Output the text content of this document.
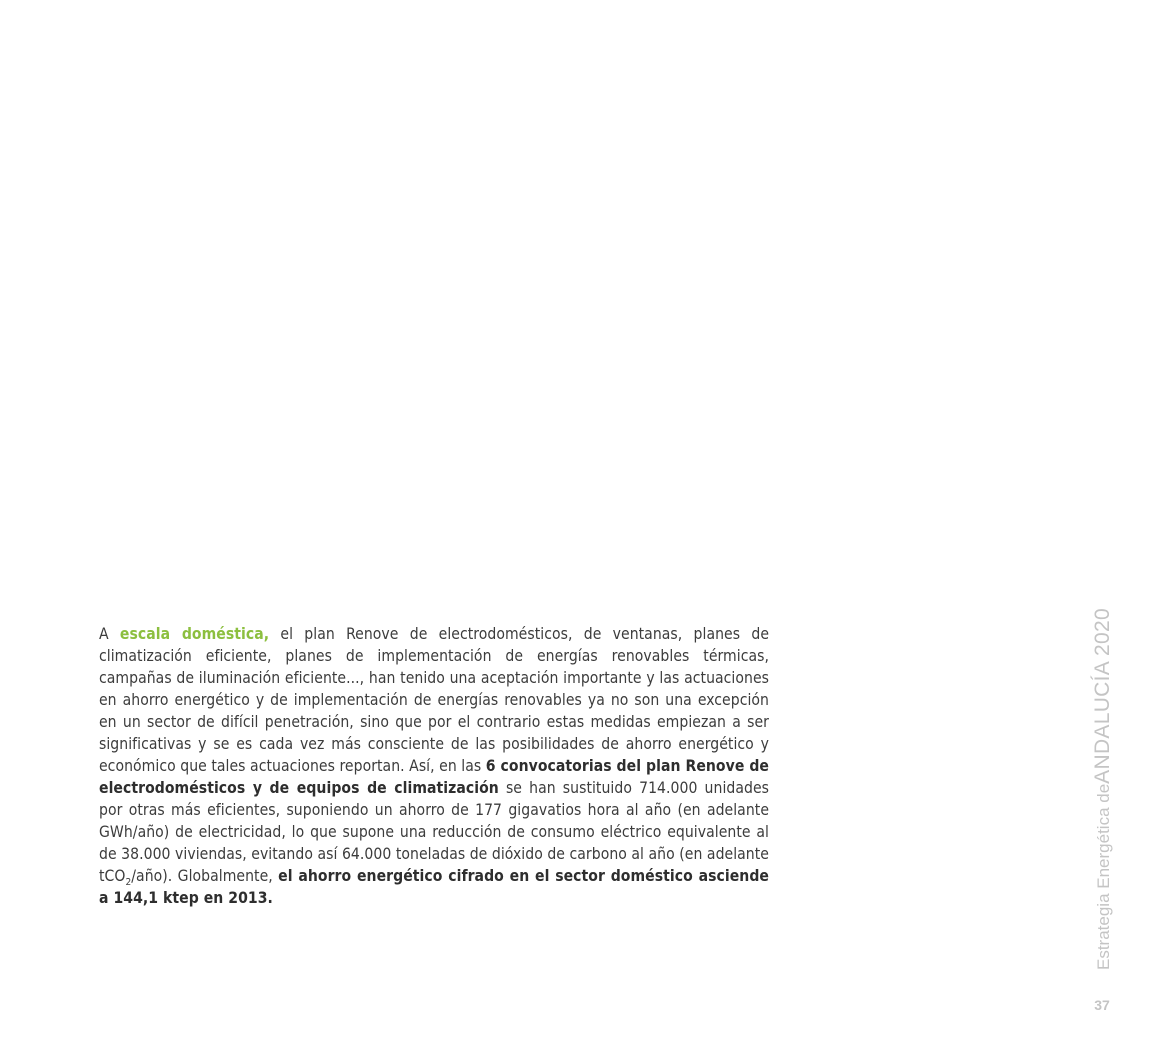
A escala doméstica, el plan Renove de electrodomésticos, de ventanas, planes de climatización eficiente, planes de implementación de energías renovables térmicas, campañas de iluminación eficiente..., han tenido una aceptación importante y las actuaciones en ahorro energético y de implementación de energías renovables ya no son una excepción en un sector de difícil penetración, sino que por el contrario estas medidas empiezan a ser significativas y se es cada vez más consciente de las posibilidades de ahorro energético y económico que tales actuaciones reportan. Así, en las 6 convocatorias del plan Renove de electrodomésticos y de equipos de climatización se han sustituido 714.000 unidades por otras más eficientes, suponiendo un ahorro de 177 gigavatios hora al año (en adelante GWh/año) de electricidad, lo que supone una reducción de consumo eléctrico equivalente al de 38.000 viviendas, evitando así 64.000 toneladas de dióxido de carbono al año (en adelante tCO$_2$/año). Globalmente, el ahorro energético cifrado en el sector doméstico asciende a 144,1 ktep en 2013.	Estrategia Energética deANDALUCÍA 2020
37
